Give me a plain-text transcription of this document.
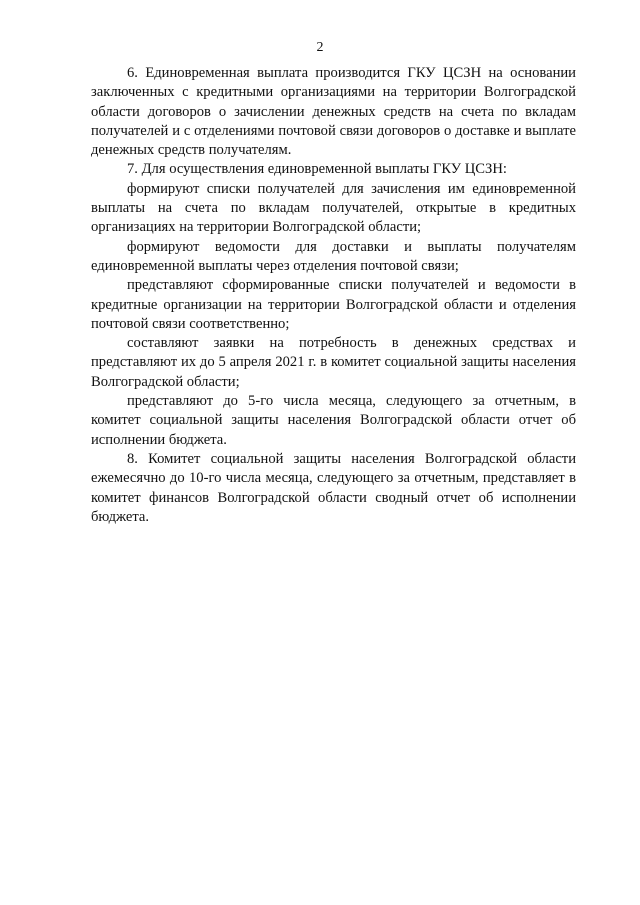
2

6. Единовременная выплата производится ГКУ ЦСЗН на основании заключенных с кредитными организациями на территории Волгоградской области договоров о зачислении денежных средств на счета по вкладам получателей и с отделениями почтовой связи договоров о доставке и выплате денежных средств получателям.

7. Для осуществления единовременной выплаты ГКУ ЦСЗН:

формируют списки получателей для зачисления им единовременной выплаты на счета по вкладам получателей, открытые в кредитных организациях на территории Волгоградской области;

формируют ведомости для доставки и выплаты получателям единовременной выплаты через отделения почтовой связи;

представляют сформированные списки получателей и ведомости в кредитные организации на территории Волгоградской области и отделения почтовой связи соответственно;

составляют заявки на потребность в денежных средствах и представляют их до 5 апреля 2021 г. в комитет социальной защиты населения Волгоградской области;

представляют до 5-го числа месяца, следующего за отчетным, в комитет социальной защиты населения Волгоградской области отчет об исполнении бюджета.

8. Комитет социальной защиты населения Волгоградской области ежемесячно до 10-го числа месяца, следующего за отчетным, представляет в комитет финансов Волгоградской области сводный отчет об исполнении бюджета.
